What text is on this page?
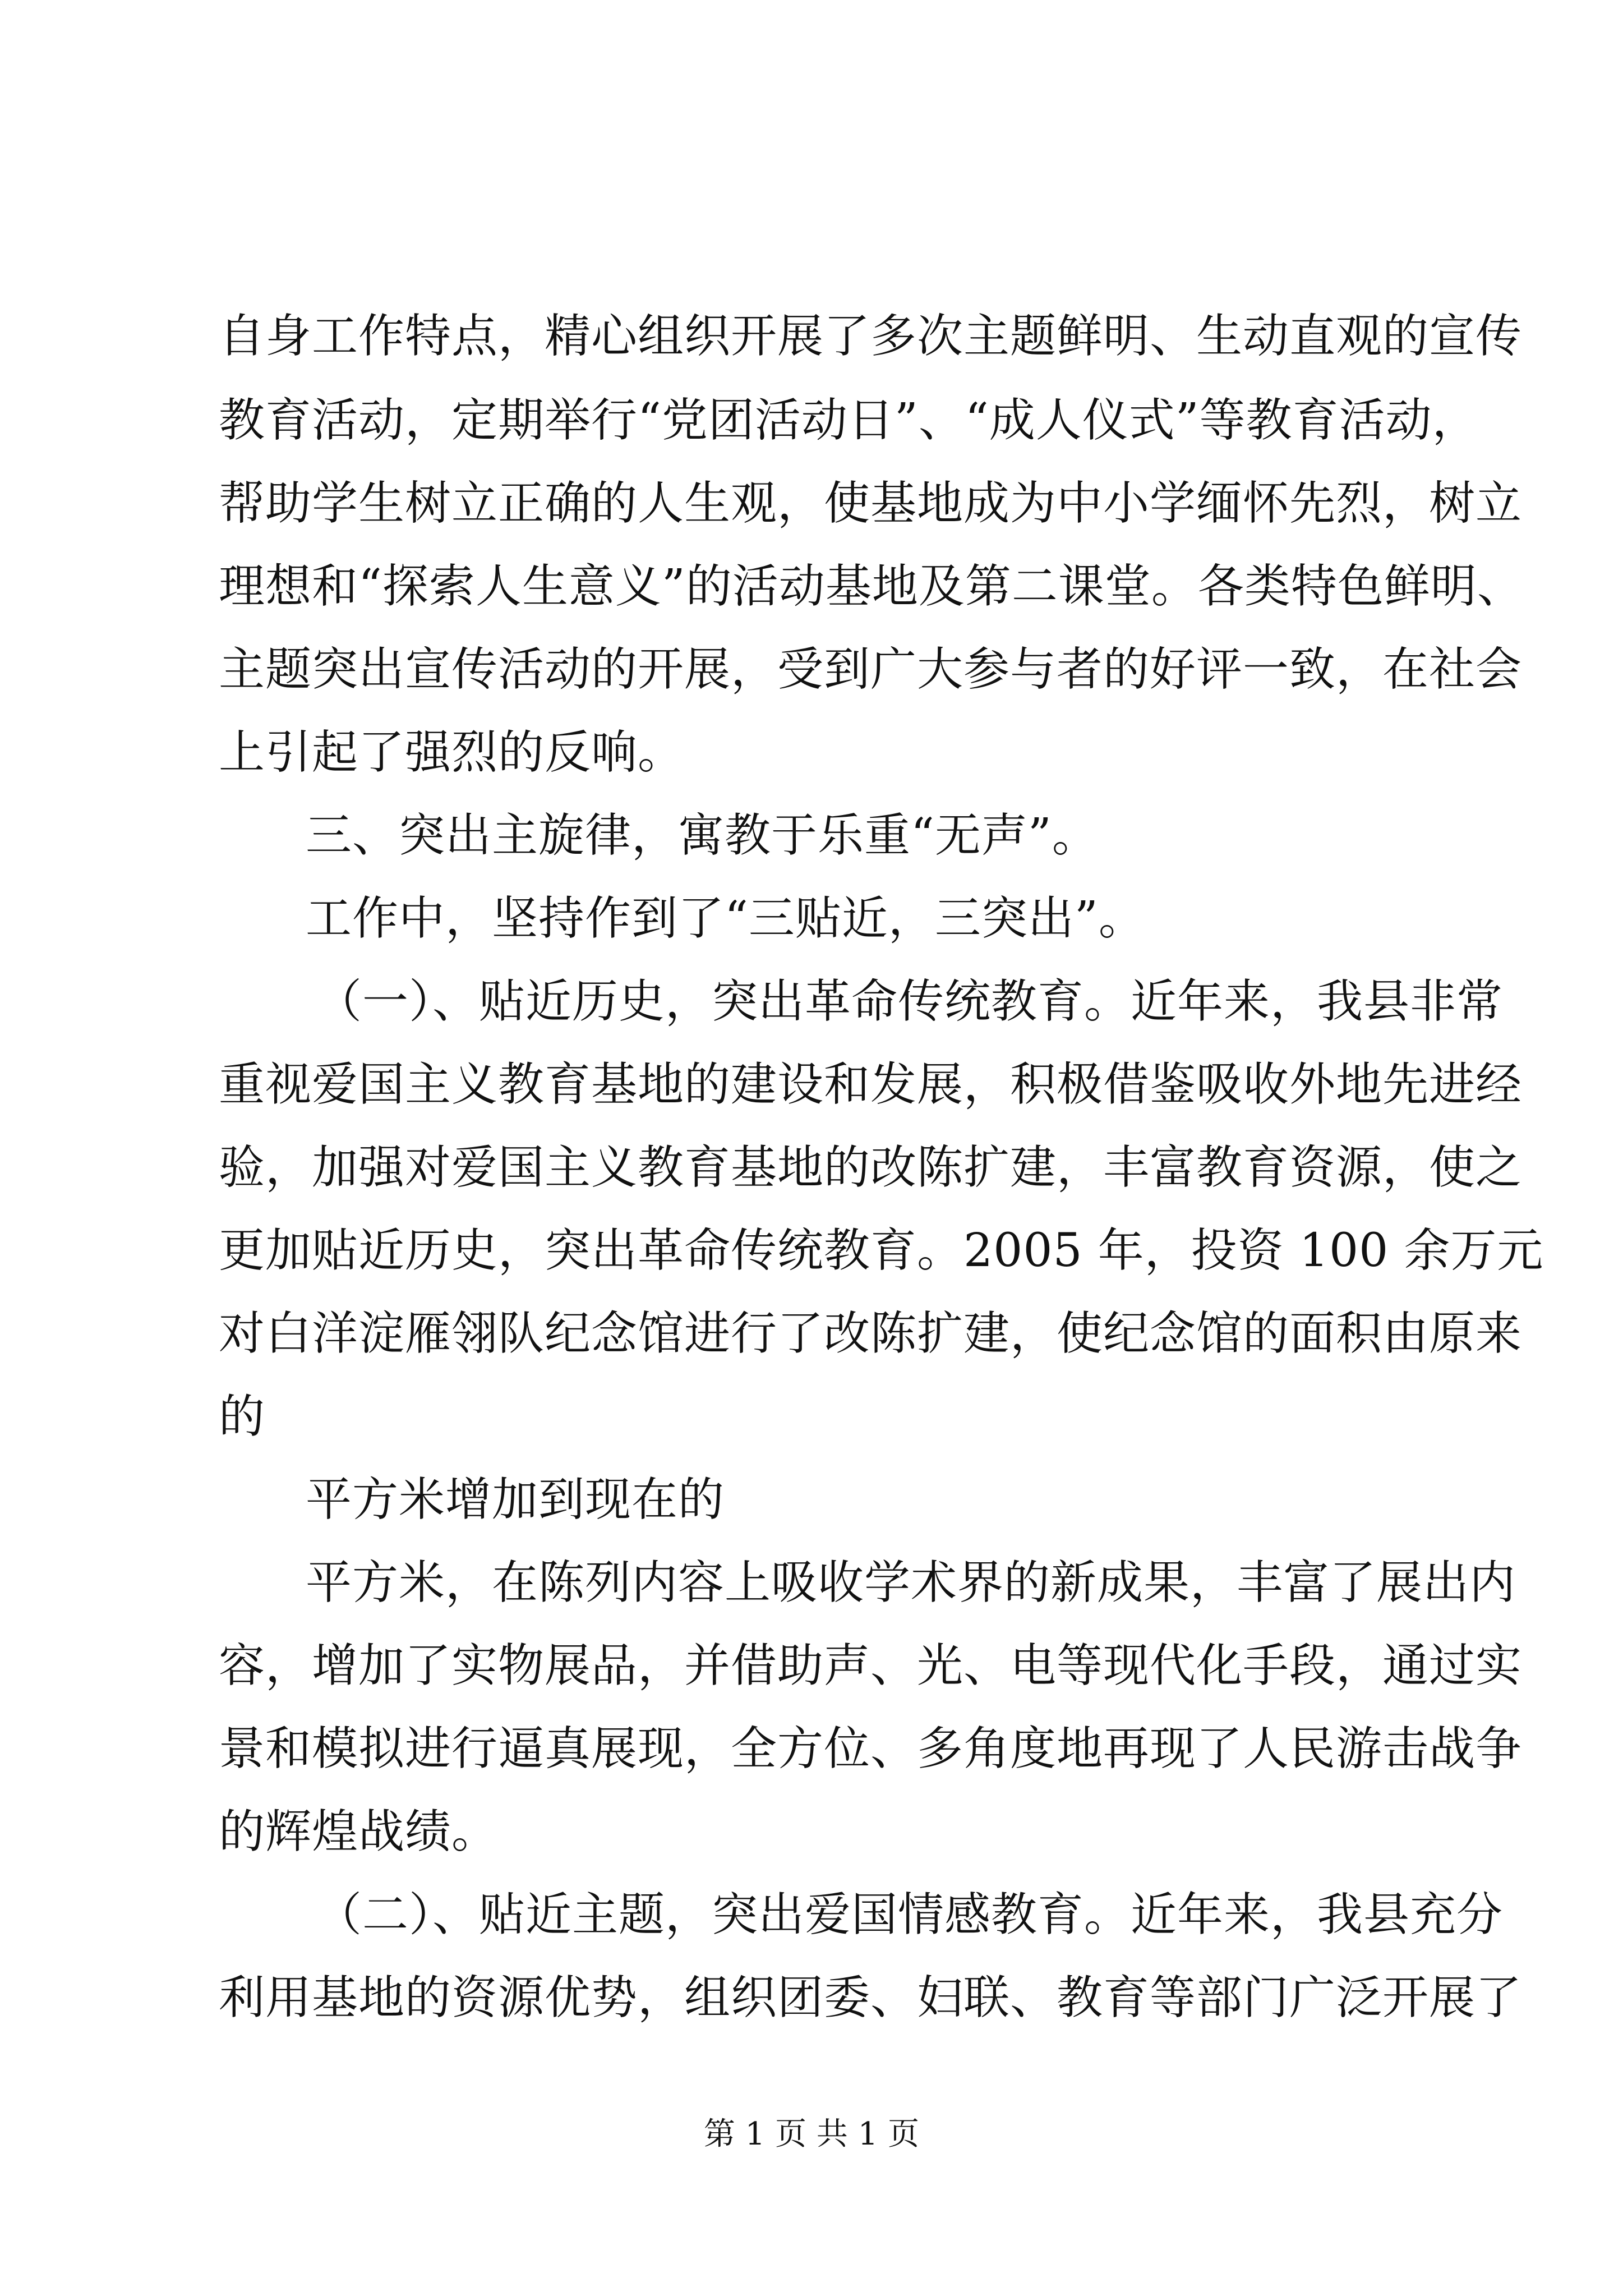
自身工作特点，精心组织开展了多次主题鲜明、生动直观的宣传
教育活动，定期举行“党团活动日”、“成人仪式”等教育活动，
帮助学生树立正确的人生观，使基地成为中小学缅怀先烈，树立
理想和“探索人生意义”的活动基地及第二课堂。各类特色鲜明、
主题突出宣传活动的开展，受到广大参与者的好评一致，在社会
上引起了强烈的反响。
三、突出主旋律，寓教于乐重“无声”。
工作中，坚持作到了“三贴近，三突出”。
（一）、贴近历史，突出革命传统教育。近年来，我县非常
重视爱国主义教育基地的建设和发展，积极借鉴吸收外地先进经
验，加强对爱国主义教育基地的改陈扩建，丰富教育资源，使之
更加贴近历史，突出革命传统教育。2005 年，投资 100 余万元
对白洋淀雁翎队纪念馆进行了改陈扩建，使纪念馆的面积由原来
的
平方米增加到现在的
平方米，在陈列内容上吸收学术界的新成果，丰富了展出内
容，增加了实物展品，并借助声、光、电等现代化手段，通过实
景和模拟进行逼真展现，全方位、多角度地再现了人民游击战争
的辉煌战绩。
（二）、贴近主题，突出爱国情感教育。近年来，我县充分
利用基地的资源优势，组织团委、妇联、教育等部门广泛开展了
第 1 页 共 1 页
